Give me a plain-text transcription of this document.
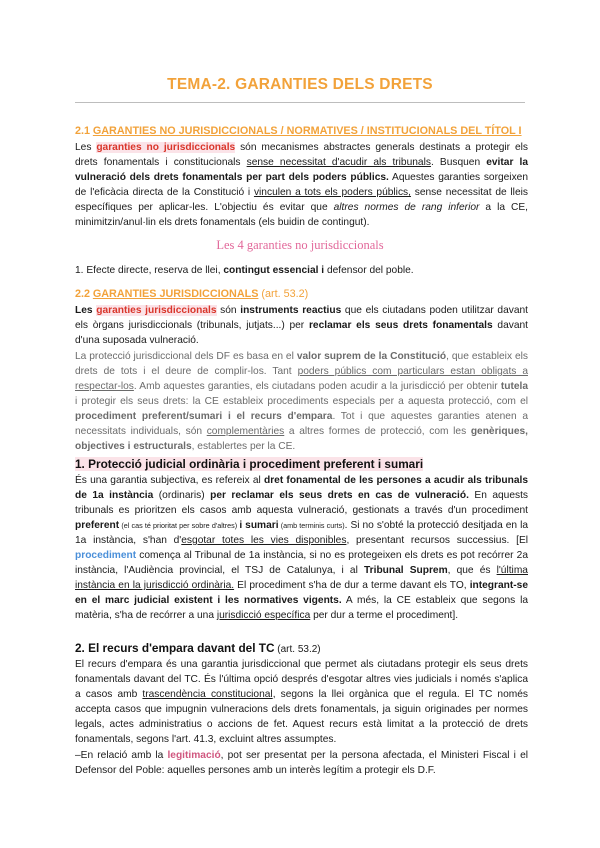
TEMA-2. GARANTIES DELS DRETS
2.1 GARANTIES NO JURISDICCIONALS / NORMATIVES / INSTITUCIONALS DEL TÍTOL I
Les garanties no jurisdiccionals són mecanismes abstractes generals destinats a protegir els drets fonamentals i constitucionals sense necessitat d'acudir als tribunals. Busquen evitar la vulneració dels drets fonamentals per part dels poders públics. Aquestes garanties sorgeixen de l'eficàcia directa de la Constitució i vinculen a tots els poders públics, sense necessitat de lleis específiques per aplicar-les. L'objectiu és evitar que altres normes de rang inferior a la CE, minimitzin/anul·lin els drets fonamentals (els buidin de contingut).
Les 4 garanties no jurisdiccionals
1. Efecte directe, reserva de llei, contingut essencial i defensor del poble.
2.2 GARANTIES JURISDICCIONALS (art. 53.2)
Les garanties jurisdiccionals són instruments reactius que els ciutadans poden utilitzar davant els òrgans jurisdiccionals (tribunals, jutjats...) per reclamar els seus drets fonamentals davant d'una suposada vulneració.
La protecció jurisdiccional dels DF es basa en el valor suprem de la Constitució, que estableix els drets de tots i el deure de complir-los. Tant poders públics com particulars estan obligats a respectar-los. Amb aquestes garanties, els ciutadans poden acudir a la jurisdicció per obtenir tutela i protegir els seus drets: la CE estableix procediments especials per a aquesta protecció, com el procediment preferent/sumari i el recurs d'empara. Tot i que aquestes garanties atenen a necessitats individuals, són complementàries a altres formes de protecció, com les genèriques, objectives i estructurals, establertes per la CE.
1. Protecció judicial ordinària i procediment preferent i sumari
És una garantia subjectiva, es refereix al dret fonamental de les persones a acudir als tribunals de 1a instància (ordinaris) per reclamar els seus drets en cas de vulneració. En aquests tribunals es prioritzen els casos amb aquesta vulneració, gestionats a través d'un procediment preferent (el cas té prioritat per sobre d'altres) i sumari (amb terminis curts). Si no s'obté la protecció desitjada en la 1a instància, s'han d'esgotar totes les vies disponibles, presentant recursos successius. [El procediment comença al Tribunal de 1a instància, si no es protegeixen els drets es pot recórrer 2a instància, l'Audiència provincial, el TSJ de Catalunya, i al Tribunal Suprem, que és l'última instància en la jurisdicció ordinària. El procediment s'ha de dur a terme davant els TO, integrant-se en el marc judicial existent i les normatives vigents. A més, la CE estableix que segons la matèria, s'ha de recórrer a una jurisdicció específica per dur a terme el procediment].
2. El recurs d'empara davant del TC (art. 53.2)
El recurs d'empara és una garantia jurisdiccional que permet als ciutadans protegir els seus drets fonamentals davant del TC. És l'última opció després d'esgotar altres vies judicials i només s'aplica a casos amb trascendència constitucional, segons la llei orgànica que el regula. El TC només accepta casos que impugnin vulneracions dels drets fonamentals, ja siguin originades per normes legals, actes administratius o accions de fet. Aquest recurs està limitat a la protecció de drets fonamentals, segons l'art. 41.3, excluint altres assumptes.
–En relació amb la legitimació, pot ser presentat per la persona afectada, el Ministeri Fiscal i el Defensor del Poble: aquelles persones amb un interès legítim a protegir els D.F.
